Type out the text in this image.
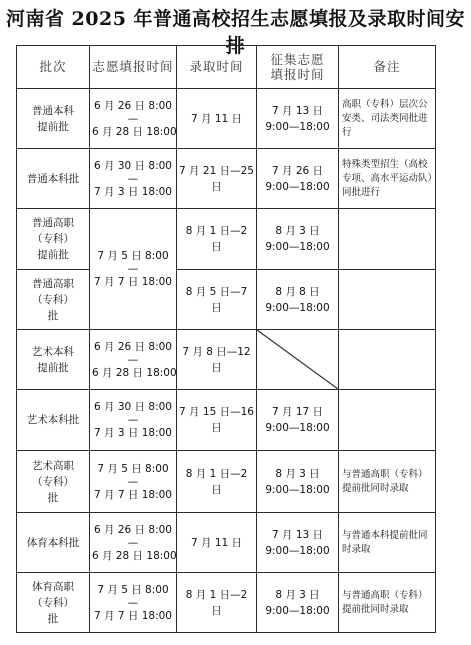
河南省 2025 年普通高校招生志愿填报及录取时间安排
批次	志愿填报时间	录取时间	征集志愿填报时间	备注
普通本科提前批	6 月 26 日 8:00
—
6 月 28 日 18:00	7 月 11 日	7 月 13 日
9:00—18:00	高职（专科）层次公安类、司法类同批进行
普通本科批	6 月 30 日 8:00
—
7 月 3 日 18:00	7 月 21 日—25 日	7 月 26 日
9:00—18:00	特殊类型招生（高校专项、高水平运动队）同批进行
普通高职（专科）提前批	7 月 5 日 8:00
—
7 月 7 日 18:00	8 月 1 日—2 日	8 月 3 日
9:00—18:00	

普通高职（专科）批		8 月 5 日—7 日	8 月 8 日
9:00—18:00	

艺术本科提前批	6 月 26 日 8:00
—
6 月 28 日 18:00	7 月 8 日—12 日	

艺术本科批	6 月 30 日 8:00
—
7 月 3 日 18:00	7 月 15 日—16 日	7 月 17 日
9:00—18:00	

艺术高职（专科）批	7 月 5 日 8:00
—
7 月 7 日 18:00	8 月 1 日—2 日	8 月 3 日
9:00—18:00	与普通高职（专科）提前批同时录取
体育本科批	6 月 26 日 8:00
—
6 月 28 日 18:00	7 月 11 日	7 月 13 日
9:00—18:00	与普通本科提前批同时录取
体育高职（专科）批	7 月 5 日 8:00
—
7 月 7 日 18:00	8 月 1 日—2 日	8 月 3 日
9:00—18:00	与普通高职（专科）提前批同时录取
